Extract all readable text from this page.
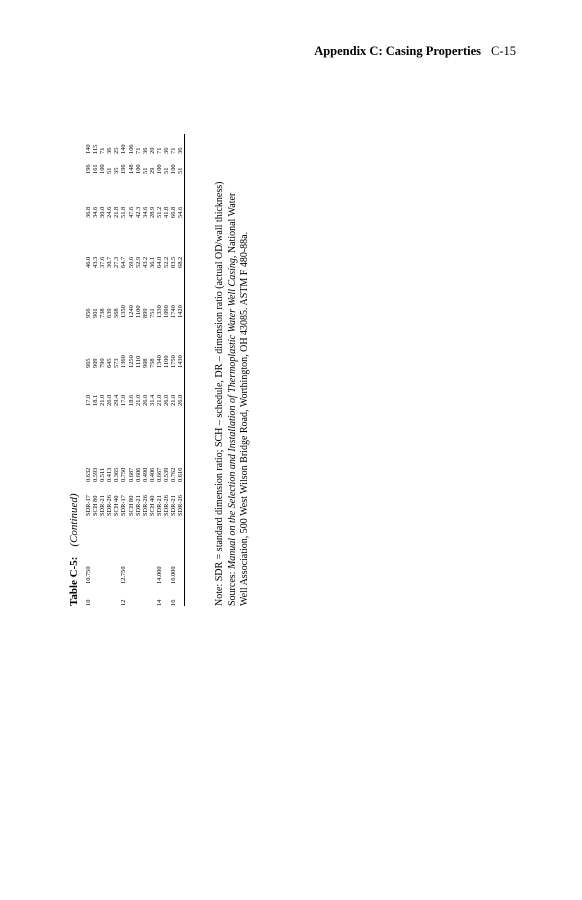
Appendix C: Casing Properties C-15
Table C-5:(Continued)
10	10.750	SDR-17	0.632	17.0	965	956	46.0	36.8	196	140
		SCH 80	0.593	18.1	909	901	43.3	34.6	161	115
		SDR-21	0.511	21.0	790	738	37.6	30.0	100	71
		SDR-26	0.413	26.0	645	639	30.7	24.6	51	36
		SCH 40	0.365	29.4	573	568	27.3	21.8	35	25
12	12.750	SDR-17	0.750	17.0	1360	1350	64.7	51.8	196	140
		SCH 80	0.687	18.6	1250	1240	59.6	47.6	148	106
		SDR-21	0.606	21.0	1110	1100	52.9	42.3	100	71
		SDR-26	0.490	26.0	908	899	43.2	34.6	51	36
		SCH 40	0.406	31.4	758	751	36.1	28.9	29	20
14	14.000	SDR-21	0.667	21.0	1340	1330	64.0	51.2	100	71
		SDR-26	0.539	26.0	1100	1090	52.2	41.8	51	36
16	16.000	SDR-21	0.762	21.0	1750	1740	83.5	66.8	100	71
		SDR-26	0.616	26.0	1430	1420	68.2	54.6	51	36
Note: SDR = standard dimension ratio; SCH – schedule, DR – dimension ratio (actual OD/wall thickness) Sources: Manual on the Selection and Installation of Thermoplastic Water Well Casing, National Water
Well Association, 500 West Wilson Bridge Road, Worthington, OH 43085. ASTM F 480-88a.
